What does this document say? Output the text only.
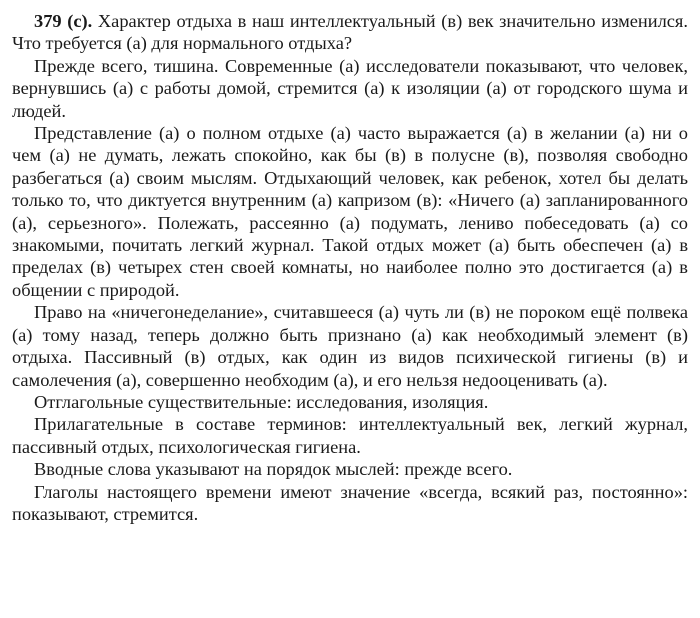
379 (с). Характер отдыха в наш интеллектуальный (в) век значительно изменился. Что требуется (а) для нормального отдыха?

Прежде всего, тишина. Современные (а) исследователи показывают, что человек, вернувшись (а) с работы домой, стремится (а) к изоляции (а) от городского шума и людей.

Представление (а) о полном отдыхе (а) часто выражается (а) в желании (а) ни о чем (а) не думать, лежать спокойно, как бы (в) в полусне (в), позволяя свободно разбегаться (а) своим мыслям. Отдыхающий человек, как ребенок, хотел бы делать только то, что диктуется внутренним (а) капризом (в): «Ничего (а) запланированного (а), серьезного». Полежать, рассеянно (а) подумать, лениво побеседовать (а) со знакомыми, почитать легкий журнал. Такой отдых может (а) быть обеспечен (а) в пределах (в) четырех стен своей комнаты, но наиболее полно это достигается (а) в общении с природой.

Право на «ничегонеделание», считавшееся (а) чуть ли (в) не пороком ещё полвека (а) тому назад, теперь должно быть признано (а) как необходимый элемент (в) отдыха. Пассивный (в) отдых, как один из видов психической гигиены (в) и самолечения (а), совершенно необходим (а), и его нельзя недооценивать (а).

Отглагольные существительные: исследования, изоляция.

Прилагательные в составе терминов: интеллектуальный век, легкий журнал, пассивный отдых, психологическая гигиена.

Вводные слова указывают на порядок мыслей: прежде всего.

Глаголы настоящего времени имеют значение «всегда, всякий раз, постоянно»: показывают, стремится.
